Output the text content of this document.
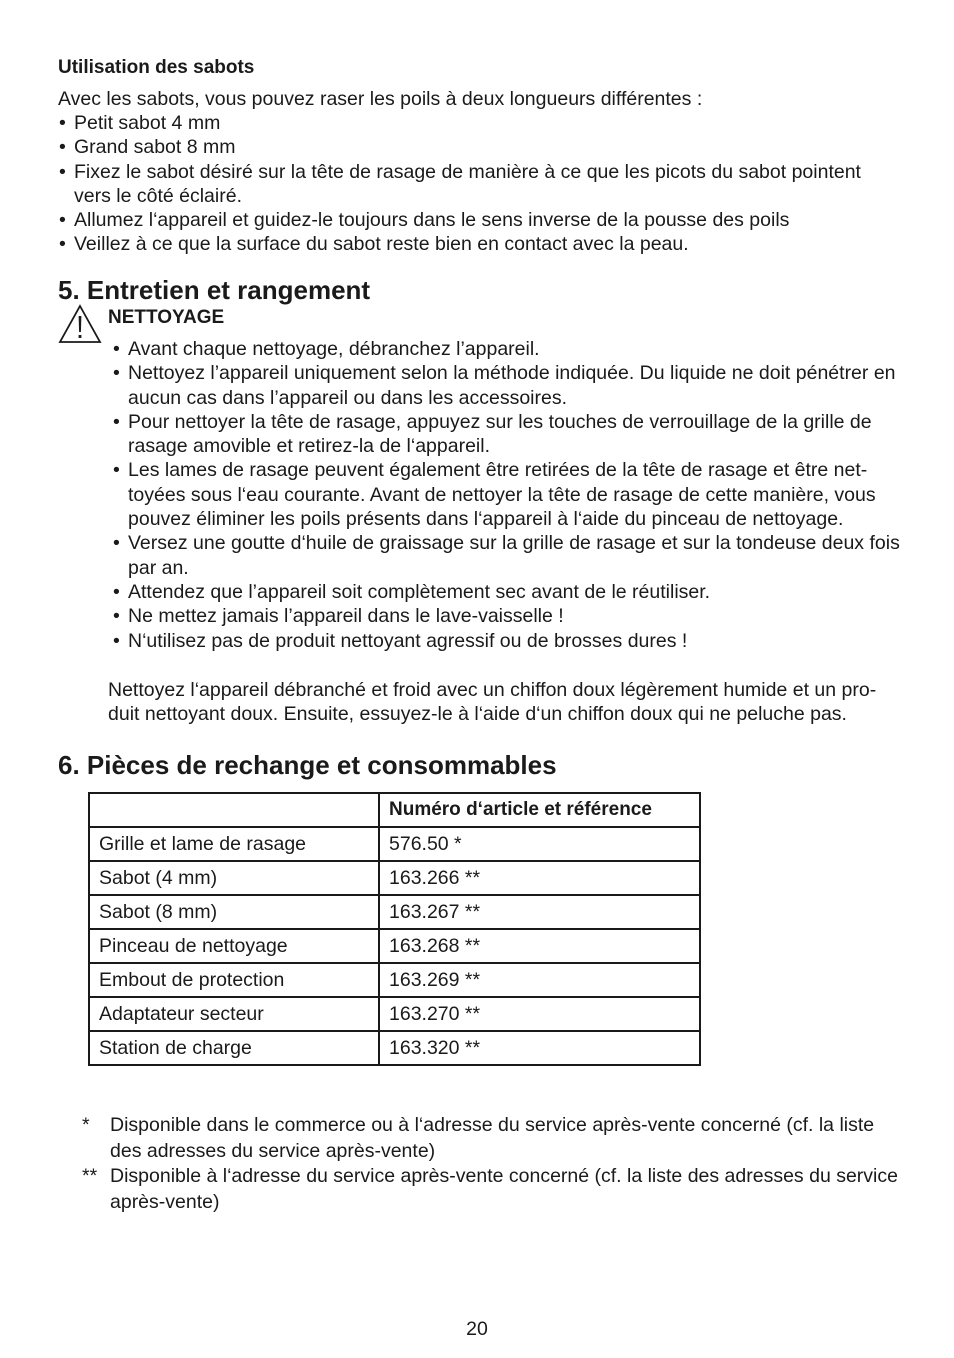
Utilisation des sabots

Avec les sabots, vous pouvez raser les poils à deux longueurs différentes :

• Petit sabot 4 mm
• Grand sabot 8 mm
• Fixez le sabot désiré sur la tête de rasage de manière à ce que les picots du sabot pointent vers le côté éclairé.
• Allumez l‘appareil et guidez-le toujours dans le sens inverse de la pousse des poils
• Veillez à ce que la surface du sabot reste bien en contact avec la peau.
5. Entretien et rangement

NETTOYAGE

• Avant chaque nettoyage, débranchez l’appareil.
• Nettoyez l’appareil uniquement selon la méthode indiquée. Du liquide ne doit pénétrer en aucun cas dans l’appareil ou dans les accessoires.
• Pour nettoyer la tête de rasage, appuyez sur les touches de verrouillage de la grille de rasage amovible et retirez-la de l‘appareil.
• Les lames de rasage peuvent également être retirées de la tête de rasage et être net-toyées sous l‘eau courante. Avant de nettoyer la tête de rasage de cette manière, vous pouvez éliminer les poils présents dans l‘appareil à l‘aide du pinceau de nettoyage.
• Versez une goutte d‘huile de graissage sur la grille de rasage et sur la tondeuse deux fois par an.
• Attendez que l’appareil soit complètement sec avant de le réutiliser.
• Ne mettez jamais l’appareil dans le lave-vaisselle !
• N‘utilisez pas de produit nettoyant agressif ou de brosses dures !

Nettoyez l‘appareil débranché et froid avec un chiffon doux légèrement humide et un pro-duit nettoyant doux. Ensuite, essuyez-le à l‘aide d‘un chiffon doux qui ne peluche pas.

6. Pièces de rechange et consommables
	Numéro d‘article et référence
Grille et lame de rasage	576.50 *
Sabot (4 mm)	163.266 **
Sabot (8 mm)	163.267 **
Pinceau de nettoyage	163.268 **
Embout de protection	163.269 **
Adaptateur secteur	163.270 **
Station de charge	163.320 **

* Disponible dans le commerce ou à l‘adresse du service après-vente concerné (cf. la liste des adresses du service après-vente)

** Disponible à l‘adresse du service après-vente concerné (cf. la liste des adresses du service après-vente)

20
